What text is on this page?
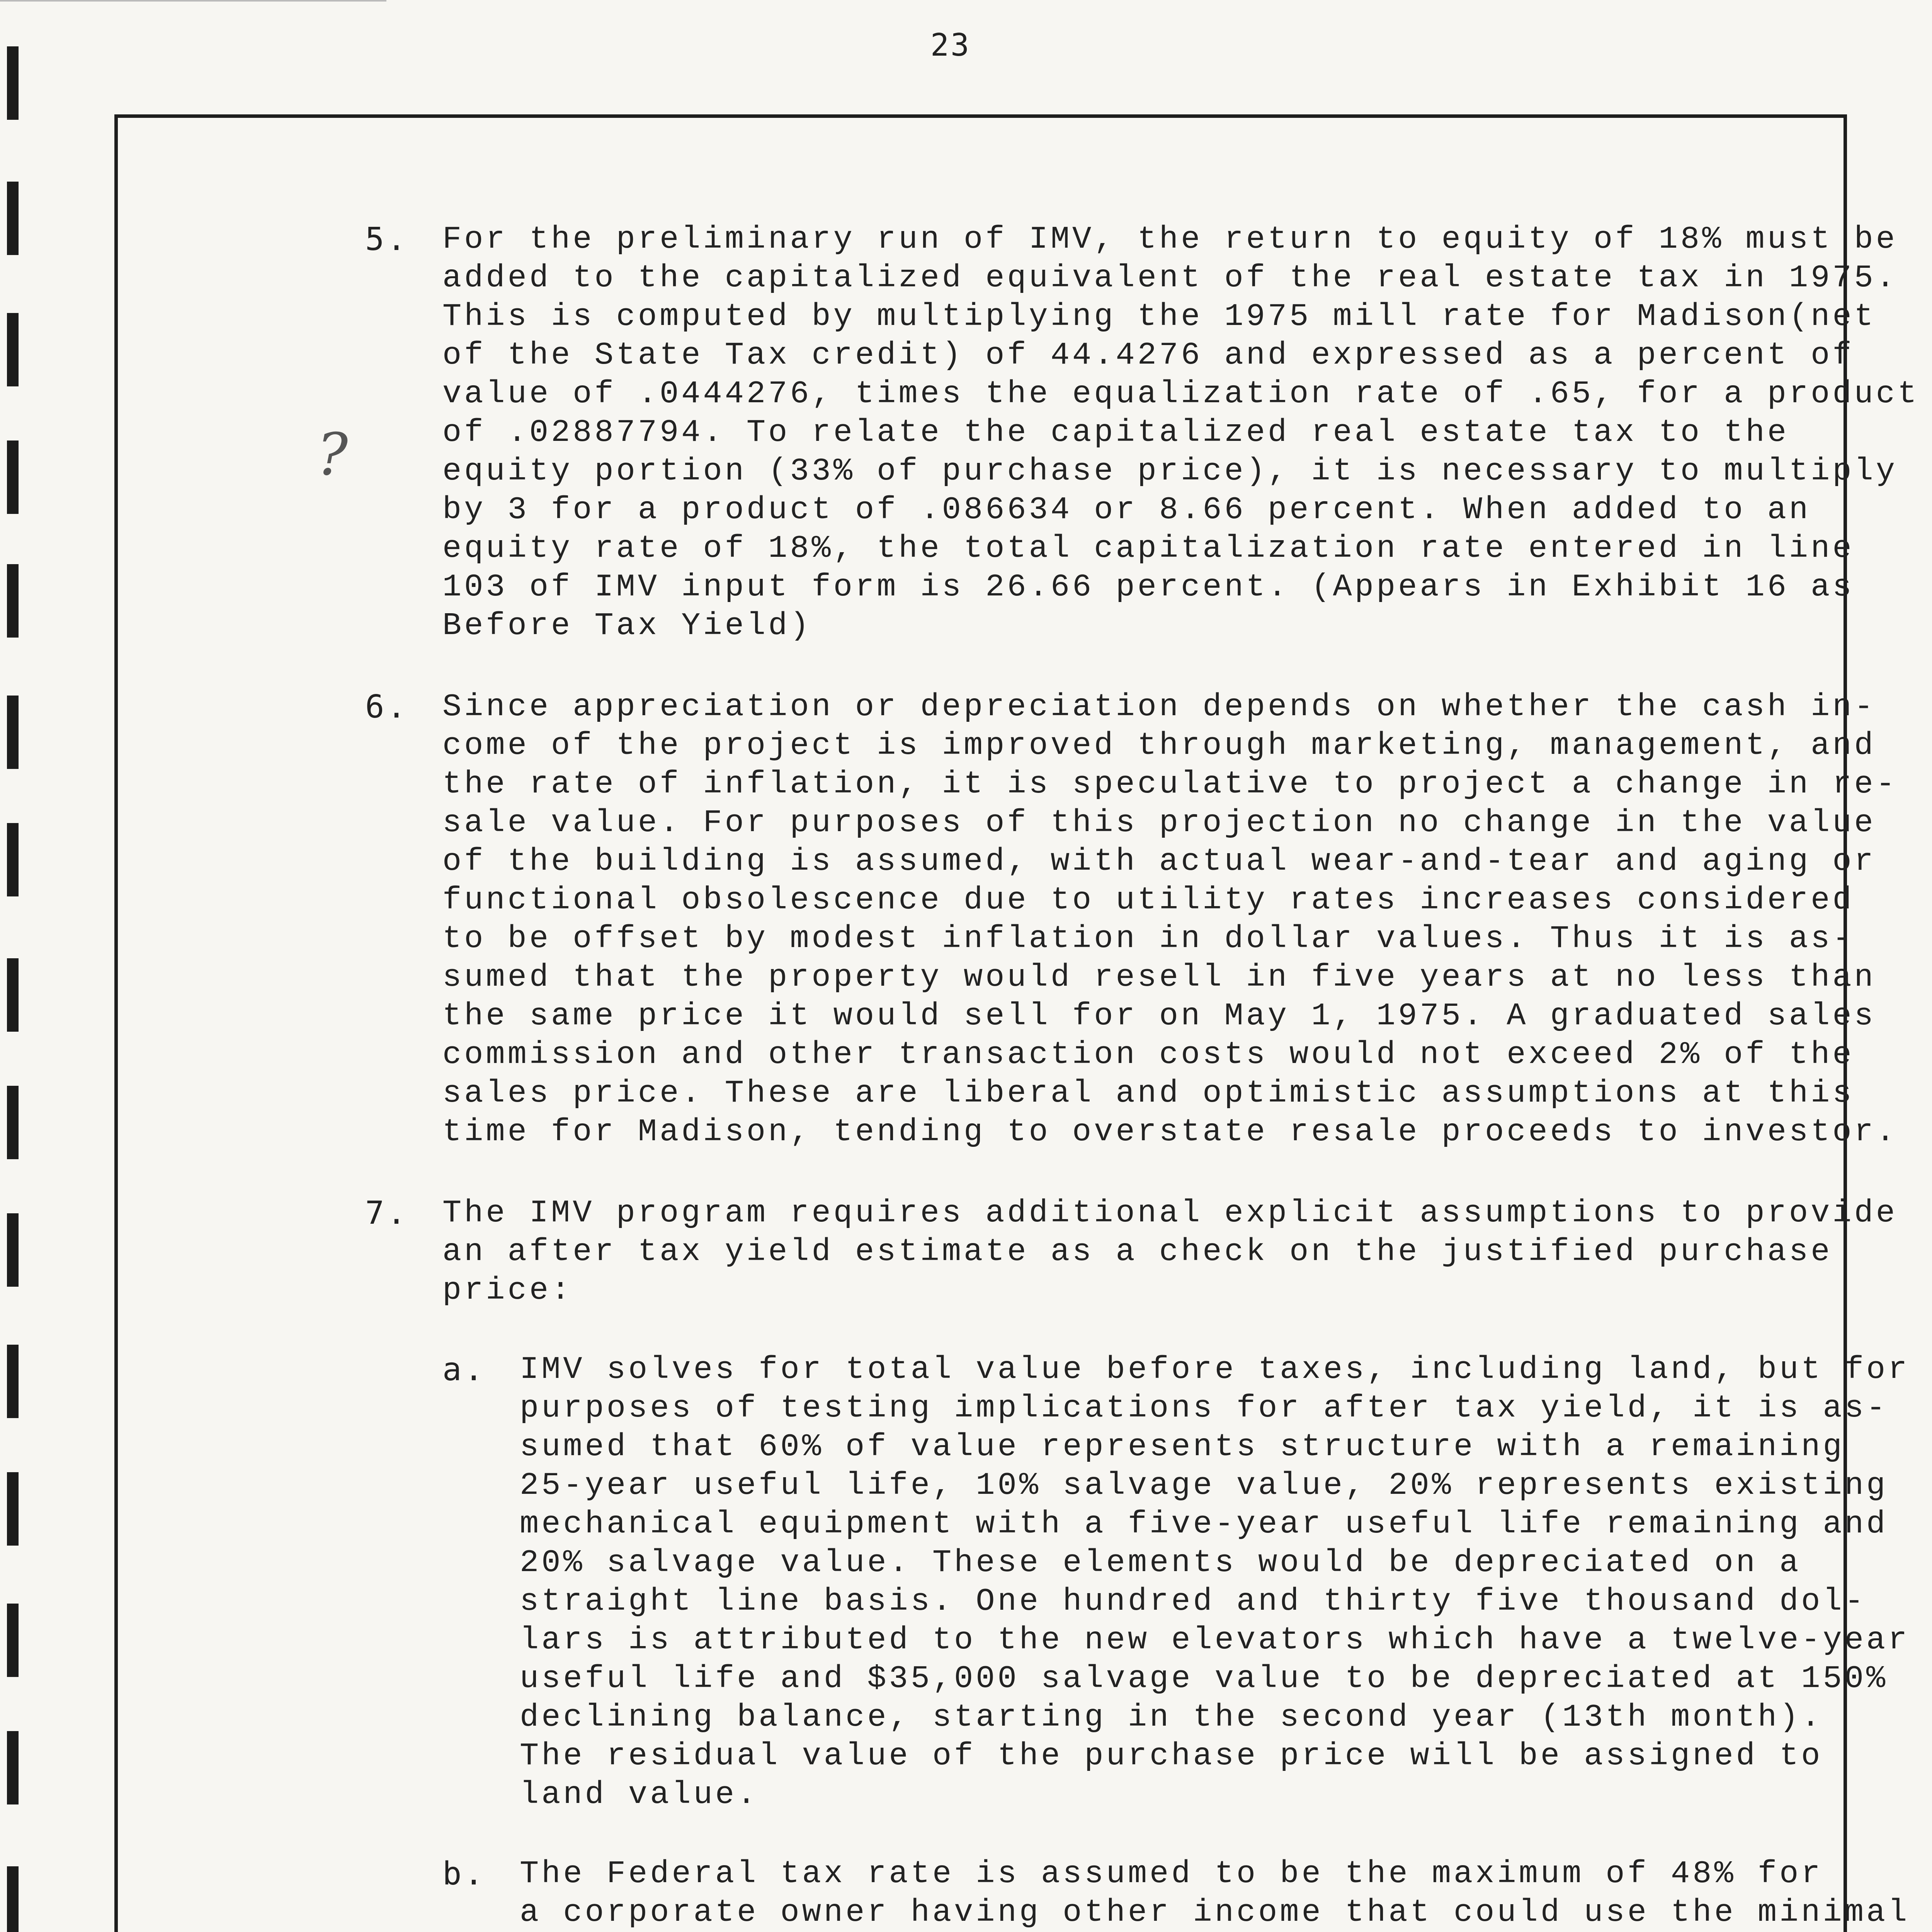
23
5. For the preliminary run of IMV, the return to equity of 18% must be
added to the capitalized equivalent of the real estate tax in 1975.
This is computed by multiplying the 1975 mill rate for Madison(net
of the State Tax credit) of 44.4276 and expressed as a percent of
value of .0444276, times the equalization rate of .65, for a product
of .02887794. To relate the capitalized real estate tax to the
equity portion (33% of purchase price), it is necessary to multiply
by 3 for a product of .086634 or 8.66 percent. When added to an
equity rate of 18%, the total capitalization rate entered in line
103 of IMV input form is 26.66 percent. (Appears in Exhibit 16 as
Before Tax Yield)
6. Since appreciation or depreciation depends on whether the cash in-
come of the project is improved through marketing, management, and
the rate of inflation, it is speculative to project a change in re-
sale value. For purposes of this projection no change in the value
of the building is assumed, with actual wear-and-tear and aging or
functional obsolescence due to utility rates increases considered
to be offset by modest inflation in dollar values. Thus it is as-
sumed that the property would resell in five years at no less than
the same price it would sell for on May 1, 1975. A graduated sales
commission and other transaction costs would not exceed 2% of the
sales price. These are liberal and optimistic assumptions at this
time for Madison, tending to overstate resale proceeds to investor.
7. The IMV program requires additional explicit assumptions to provide
an after tax yield estimate as a check on the justified purchase
price:
a. IMV solves for total value before taxes, including land, but for
purposes of testing implications for after tax yield, it is as-
sumed that 60% of value represents structure with a remaining
25-year useful life, 10% salvage value, 20% represents existing
mechanical equipment with a five-year useful life remaining and
20% salvage value. These elements would be depreciated on a
straight line basis. One hundred and thirty five thousand dol-
lars is attributed to the new elevators which have a twelve-year
useful life and $35,000 salvage value to be depreciated at 150%
declining balance, starting in the second year (13th month).
The residual value of the purchase price will be assigned to
land value.
b. The Federal tax rate is assumed to be the maximum of 48% for
a corporate owner having other income that could use the minimal
?
